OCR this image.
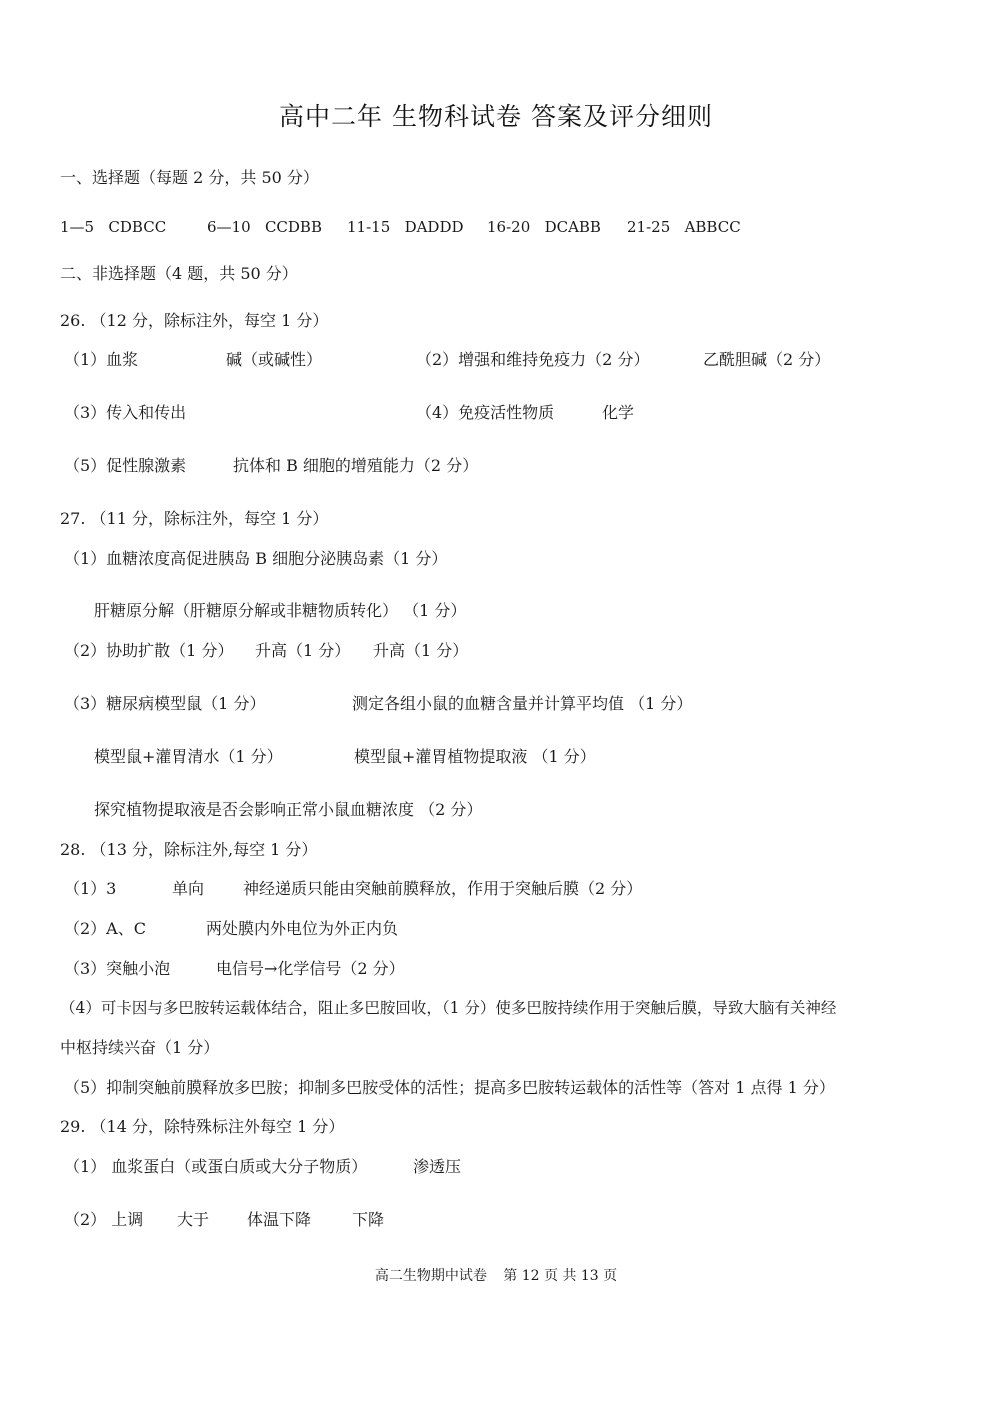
高中二年 生物科试卷 答案及评分细则
一、选择题（每题 2 分，共 50 分）
1—5 CDBCC	6—10 CCDBB 11-15 DADDD 16-20 DCABB 21-25 ABBCC
二、非选择题（4 题，共 50 分）
26. （12 分，除标注外，每空 1 分）
（1）血浆	碱（或碱性）	（2）增强和维持免疫力（2 分）	乙酰胆碱（2 分）
（3）传入和传出	（4）免疫活性物质	化学
（5）促性腺激素	抗体和 B 细胞的增殖能力（2 分）
27. （11 分，除标注外，每空 1 分）
（1）血糖浓度高促进胰岛 B 细胞分泌胰岛素（1 分）
肝糖原分解（肝糖原分解或非糖物质转化） （1 分）
（2）协助扩散（1 分） 升高（1 分） 升高（1 分）
（3）糖尿病模型鼠（1 分）	测定各组小鼠的血糖含量并计算平均值 （1 分）
模型鼠+灌胃清水（1 分）	模型鼠+灌胃植物提取液 （1 分）
探究植物提取液是否会影响正常小鼠血糖浓度 （2 分）
28. （13 分，除标注外,每空 1 分）
（1）3	单向 神经递质只能由突触前膜释放，作用于突触后膜（2 分）
（2）A、C	两处膜内外电位为外正内负
（3）突触小泡	电信号→化学信号（2 分）
（4）可卡因与多巴胺转运载体结合，阻止多巴胺回收，（1 分）使多巴胺持续作用于突触后膜，导致大脑有关神经
中枢持续兴奋（1 分）
（5）抑制突触前膜释放多巴胺；抑制多巴胺受体的活性；提高多巴胺转运载体的活性等（答对 1 点得 1 分）
29. （14 分，除特殊标注外每空 1 分）
（1） 血浆蛋白（或蛋白质或大分子物质）	渗透压
（2） 上调 大于 体温下降	下降
高二生物期中试卷 第 12 页 共 13 页
